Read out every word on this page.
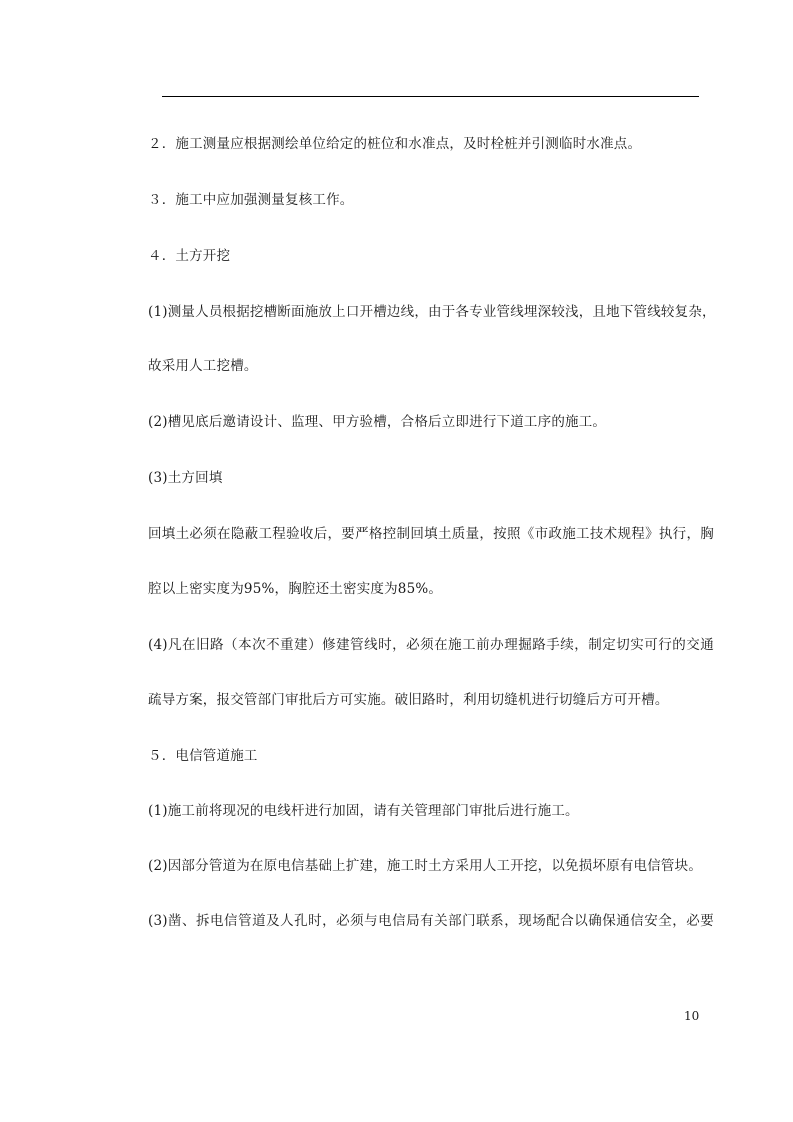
２．施工测量应根据测绘单位给定的桩位和水准点，及时栓桩并引测临时水准点。
３．施工中应加强测量复核工作。
４．土方开挖
(1)测量人员根据挖槽断面施放上口开槽边线，由于各专业管线埋深较浅，且地下管线较复杂，
故采用人工挖槽。
(2)槽见底后邀请设计、监理、甲方验槽，合格后立即进行下道工序的施工。
(3)土方回填
回填土必须在隐蔽工程验收后，要严格控制回填土质量，按照《市政施工技术规程》执行，胸
腔以上密实度为95%，胸腔还土密实度为85%。
(4)凡在旧路（本次不重建）修建管线时，必须在施工前办理掘路手续，制定切实可行的交通
疏导方案，报交管部门审批后方可实施。破旧路时，利用切缝机进行切缝后方可开槽。
５．电信管道施工
(1)施工前将现况的电线杆进行加固，请有关管理部门审批后进行施工。
(2)因部分管道为在原电信基础上扩建，施工时土方采用人工开挖，以免损坏原有电信管块。
(3)凿、拆电信管道及人孔时，必须与电信局有关部门联系，现场配合以确保通信安全，必要
10
